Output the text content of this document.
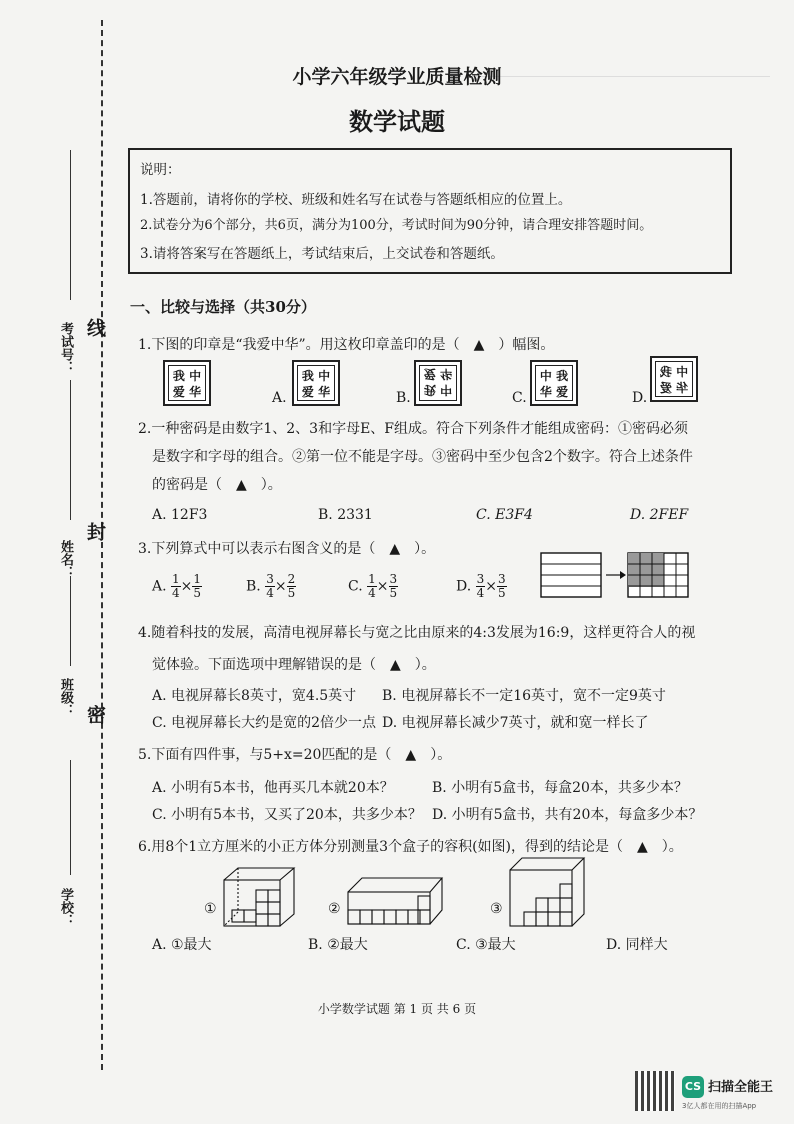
考试号：
姓名：
班级：
学校：
线
封
密
小学六年级学业质量检测
数学试题
说明：
1.答题前，请将你的学校、班级和姓名写在试卷与答题纸相应的位置上。
2.试卷分为6个部分，共6页，满分为100分，考试时间为90分钟，请合理安排答题时间。
3.请将答案写在答题纸上，考试结束后，上交试卷和答题纸。
一、比较与选择（共30分）
1.下图的印章是“我爱中华”。用这枚印章盖印的是（　▲　）幅图。
我 中
爱 华	A.
我 中
爱 华	B.	我 中
爱 华
C.
中 我
华 爱	D.
中 我
华 爱
2.一种密码是由数字1、2、3和字母E、F组成。符合下列条件才能组成密码：①密码必须
是数字和字母的组合。②第一位不能是字母。③密码中至少包含2个数字。符合上述条件
的密码是（　▲　）。
A. 12F3	B. 2331	C. E3F4	D. 2FEF
3.下列算式中可以表示右图含义的是（　▲　）。
A. $\frac{1}{4} \times \frac{1}{5}$	B. $\frac{3}{4} \times \frac{2}{5}$	C. $\frac{1}{4} \times \frac{3}{5}$	D. $\frac{3}{4} \times \frac{3}{5}$
4.随着科技的发展，高清电视屏幕长与宽之比由原来的4:3发展为16:9，这样更符合人的视
觉体验。下面选项中理解错误的是（　▲　）。
A. 电视屏幕长8英寸，宽4.5英寸 B. 电视屏幕长不一定16英寸，宽不一定9英寸
C. 电视屏幕长大约是宽的2倍少一点 D. 电视屏幕长减少7英寸，就和宽一样长了
5.下面有四件事，与5+x=20匹配的是（　▲　）。
A. 小明有5本书，他再买几本就20本？	B. 小明有5盒书，每盒20本，共多少本？
C. 小明有5本书，又买了20本，共多少本？ D. 小明有5盒书，共有20本，每盒多少本？
6.用8个1立方厘米的小正方体分别测量3个盒子的容积(如图)，得到的结论是（　▲　）。
①	②	③
A. ①最大	B. ②最大	C. ③最大	D. 同样大
小学数学试题 第 1 页 共 6 页
CS 扫描全能王
3亿人都在用的扫描App
